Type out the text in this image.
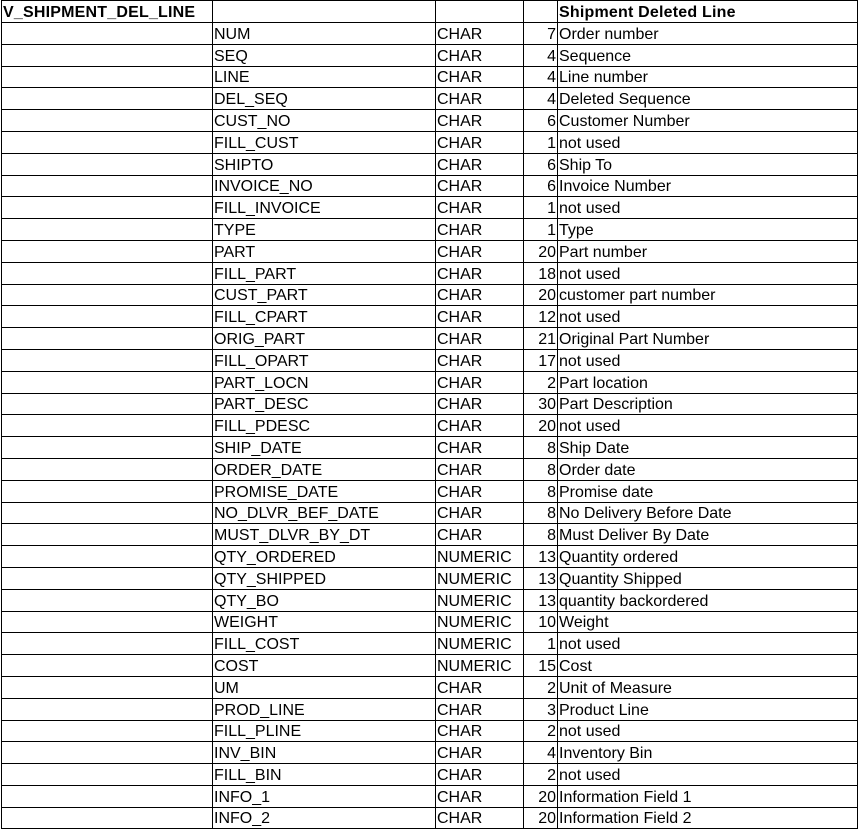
V_SHIPMENT_DEL_LINE				Shipment Deleted Line
	NUM	CHAR	7	Order number
	SEQ	CHAR	4	Sequence
	LINE	CHAR	4	Line number
	DEL_SEQ	CHAR	4	Deleted Sequence
	CUST_NO	CHAR	6	Customer Number
	FILL_CUST	CHAR	1	not used
	SHIPTO	CHAR	6	Ship To
	INVOICE_NO	CHAR	6	Invoice Number
	FILL_INVOICE	CHAR	1	not used
	TYPE	CHAR	1	Type
	PART	CHAR	20	Part number
	FILL_PART	CHAR	18	not used
	CUST_PART	CHAR	20	customer part number
	FILL_CPART	CHAR	12	not used
	ORIG_PART	CHAR	21	Original Part Number
	FILL_OPART	CHAR	17	not used
	PART_LOCN	CHAR	2	Part location
	PART_DESC	CHAR	30	Part Description
	FILL_PDESC	CHAR	20	not used
	SHIP_DATE	CHAR	8	Ship Date
	ORDER_DATE	CHAR	8	Order date
	PROMISE_DATE	CHAR	8	Promise date
	NO_DLVR_BEF_DATE	CHAR	8	No Delivery Before Date
	MUST_DLVR_BY_DT	CHAR	8	Must Deliver By Date
	QTY_ORDERED	NUMERIC	13	Quantity ordered
	QTY_SHIPPED	NUMERIC	13	Quantity Shipped
	QTY_BO	NUMERIC	13	quantity backordered
	WEIGHT	NUMERIC	10	Weight
	FILL_COST	NUMERIC	1	not used
	COST	NUMERIC	15	Cost
	UM	CHAR	2	Unit of Measure
	PROD_LINE	CHAR	3	Product Line
	FILL_PLINE	CHAR	2	not used
	INV_BIN	CHAR	4	Inventory Bin
	FILL_BIN	CHAR	2	not used
	INFO_1	CHAR	20	Information Field 1
	INFO_2	CHAR	20	Information Field 2
